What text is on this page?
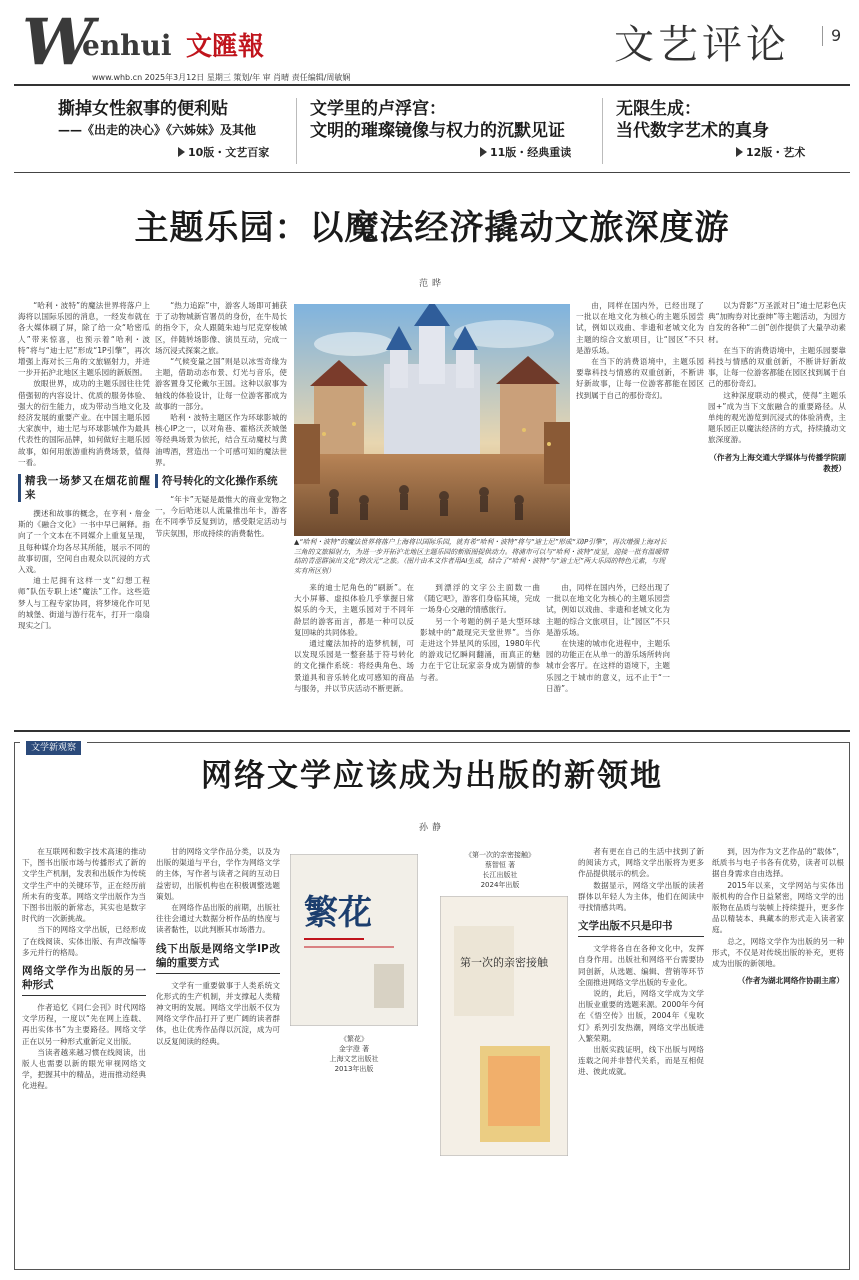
W
enhui 文匯報	文艺评论	9
www.whb.cn 2025年3月12日 星期三 策划/年 审 肖晴 责任编辑/周敏娴
撕掉女性叙事的便利贴
——《出走的决心》《六姊妹》及其他
10版・文艺百家
文学里的卢浮宫：
文明的璀璨镜像与权力的沉默见证
11版・经典重读
无限生成：
当代数字艺术的真身
12版・艺术
主题乐园：以魔法经济撬动文旅深度游
范晔

“哈利・波特”的魔法世界将落户上海将以国际乐园的消息，一经发布就在各大媒体刷了屏，除了给一众“哈密瓜人”带来惊喜，也预示着“哈利・波特”将与“迪士尼”形成“1P引擎”，再次增强上海对长三角的文旅辐射力，并进一步开拓沪北地区主题乐园的新版图。

放眼世界，成功的主题乐园往往凭借强韧的内容设计、优质的服务体验、强大的衍生能力，成为带动当地文化及经济发展的重要产业。在中国主题乐园大家族中，迪士尼与环球影城作为最具代表性的国际品牌，如何做好主题乐园故事，如何用旅游重构消费场景，值得一看。

精我一场梦又在烟花前醒来

撰述和故事的概念，在亨利・詹金斯的《融合文化》一书中早已阐释。指向了一个文本在不同媒介上重复呈现，且每种媒介均各尽其所能，展示不同的故事切面，空间自由观众以沉浸的方式入戏。

迪士尼拥有这样一支“幻想工程师”队伍专职上述“魔法”工作。这些造梦人与工程专家协同，将梦境化作可见的城堡、街道与游行花车，打开一扇扇现实之门。

“热力追踪”中，游客人场即可捕获于了动物城新官署员的身份，在牛局长的指令下，众人跟随朱迪与尼克穿梭城区，伴随转场影像、演员互动，完成一场沉浸式探案之旅。

“气候变量之国”则是以冰雪奇缘为主题，借助动态布景、灯光与音乐，使游客置身艾伦戴尔王国。这种以叙事为轴线的体验设计，让每一位游客都成为故事的一部分。

哈利・波特主题区作为环球影城的核心IP之一，以对角巷、霍格沃茨城堡等经典场景为依托，结合互动魔杖与黄油啤酒，营造出一个可感可知的魔法世界。

符号转化的文化操作系统

“年卡”无疑是最惟大的商业宠物之一，今后哈迷以人流量推出年卡，游客在不同季节反复到访，感受限定活动与节庆氛围，形成持续的消费黏性。

▲“哈利・波特”的魔法世界将落户上海将以国际乐园，就有希“哈利・波特”将与“迪士尼”形成“双IP引擎”，再次增强上海对长三角的文旅辐射力，为进一步开拓沪北地区主题乐园的新版图提供动力。将浦市可以与“哈利・波特”度显，迎接一批有温暖情结的青涩群演出文化“跨次元”之旅。（图片由本文作者用AI生成，结合了“哈利・波特”与“迪士尼”两大乐园的特色元素，与现实有所区别）

来的迪士尼角色的“刷新”。在大小屏幕、虚拟体验几乎掌握日常娱乐的今天，主题乐园对于不同年龄层的游客而言，都是一种可以反复回味的共同体验。

通过魔法加持的造梦机制，可以发现乐园是一整套基于符号转化的文化操作系统：将经典角色、场景道具和音乐转化成可感知的商品与服务，并以节庆活动不断更新。

到漂浮的文字公主面数一曲《随它吧》，游客们身临其境，完成一场身心交融的情感旅行。

另一个考题的例子是大型环球影城中的“最现完天堂世界”。当你走进这个异星风的乐园，1980年代的游戏记忆瞬间翻涌，而真正的魅力在于它让玩家亲身成为剧情的参与者。

由，同样在国内外，已经出现了一批以在地文化为核心的主题乐园尝试，例如以戏曲、非遗和老城文化为主题的综合文旅项目，让“园区”不只是游乐场。

在快速的城市化进程中，主题乐园的功能正在从单一的游乐场所转向城市会客厅。在这样的语境下，主题乐园之于城市的意义，远不止于“一日游”。

以为背影“万圣派对日”迪士尼彩色庆典“加购券对比蚕绅”等主题活动，为园方自发的各种“二创”创作提供了大量孕动素材。

在当下的消费语境中，主题乐园要靠科技与情感的双重创新，不断讲好新故事，让每一位游客都能在园区找到属于自己的那份奇幻。

这种深度联动的模式，使得“主题乐园+”成为当下文旅融合的重要路径。从单纯的观光游览到沉浸式的体验消费，主题乐园正以魔法经济的方式，持续撬动文旅深度游。

（作者为上海交通大学媒体与传播学院副教授）

由，同样在国内外，已经出现了一批以在地文化为核心的主题乐园尝试，例如以戏曲、非遗和老城文化为主题的综合文旅项目，让“园区”不只是游乐场。

在当下的消费语境中，主题乐园要靠科技与情感的双重创新，不断讲好新故事，让每一位游客都能在园区找到属于自己的那份奇幻。

文学新观察
网络文学应该成为出版的新领地
孙静

在互联网和数字技术高速的推动下，图书出版市场与传播形式了新的文学生产机制，发表和出版作为传统文学生产中的关键环节，正在经历前所未有的变革。网络文学出版作为当下图书出版的新常态，其实也是数字时代的一次新挑战。

当下的网络文学出版，已经形成了在线阅读、实体出版、有声改编等多元并行的格局。

网络文学作为出版的另一种形式

作者追忆《同仁会刊》时代网络文学历程，一度以“先在网上连载、再出实体书”为主要路径。网络文学正在以另一种形式重新定义出版。

当读者越来越习惯在线阅读，出版人也需要以新的眼光审视网络文学，把握其中的精品，进而推动经典化进程。

甘的网络文学作品分类，以及为出版的渠道与平台，学作为网络文学的主体，写作者与读者之间的互动日益密切，出版机构也在积极调整选题策划。

在网络作品出版的前期，出版社往往会通过大数据分析作品的热度与读者黏性，以此判断其市场潜力。

线下出版是网络文学IP改编的重要方式

文学有一重要做事于人类系统文化形式的生产机制，并支撑起人类精神文明的发展。网络文学出版不仅为网络文学作品打开了更广阔的读者群体，也让优秀作品得以沉淀，成为可以反复阅读的经典。

繁花
《繁花》
金宇澄 著
上海文艺出版社
2013年出版
《第一次的亲密接触》
蔡智恒 著
长江出版社
2024年出版
第一次的亲密接触

者有更在自己的生活中找到了新的阅读方式，网络文学出版将为更多作品提供展示的机会。

数据显示，网络文学出版的读者群体以年轻人为主体，他们在阅读中寻找情感共鸣。

文学出版不只是印书

文学将各自在各种文化中，发挥自身作用。出版社和网络平台需要协同创新，从选题、编辑、营销等环节全面推进网络文学出版的专业化。

说的，此后，网络文学成为文学出版业重要的选题来源。2000年今何在《悟空传》出版，2004年《鬼吹灯》系列引发热潮，网络文学出版进入繁荣期。

出版实践证明，线下出版与网络连载之间并非替代关系，而是互相促进、彼此成就。

到，因为作为文艺作品的“载体”，纸质书与电子书各有优势，读者可以根据自身需求自由选择。

2015年以来，文学网站与实体出版机构的合作日益紧密，网络文学的出版物在品质与装帧上持续提升，更多作品以精装本、典藏本的形式走入读者家庭。

总之，网络文学作为出版的另一种形式，不仅是对传统出版的补充，更将成为出版的新领地。

（作者为湖北网络作协副主席）
